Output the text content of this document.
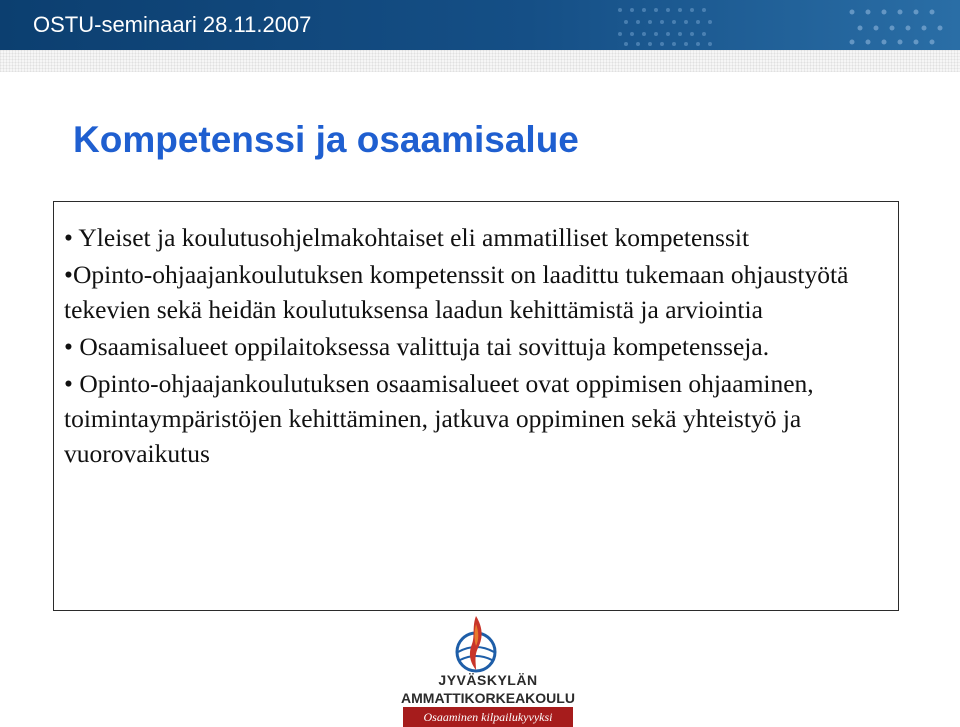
OSTU-seminaari 28.11.2007
Kompetenssi ja osaamisalue
• Yleiset ja koulutusohjelmakohtaiset eli ammatilliset kompetenssit
•Opinto-ohjaajankoulutuksen kompetenssit on laadittu tukemaan ohjaustyötä tekevien sekä heidän koulutuksensa laadun kehittämistä ja arviointia
• Osaamisalueet oppilaitoksessa valittuja tai sovittuja kompetensseja.
• Opinto-ohjaajankoulutuksen osaamisalueet ovat oppimisen ohjaaminen, toimintaympäristöjen kehittäminen, jatkuva oppiminen sekä yhteistyö ja vuorovaikutus
JYVÄSKYLÄN
AMMATTIKORKEAKOULU
Osaaminen kilpailukyvyksi
